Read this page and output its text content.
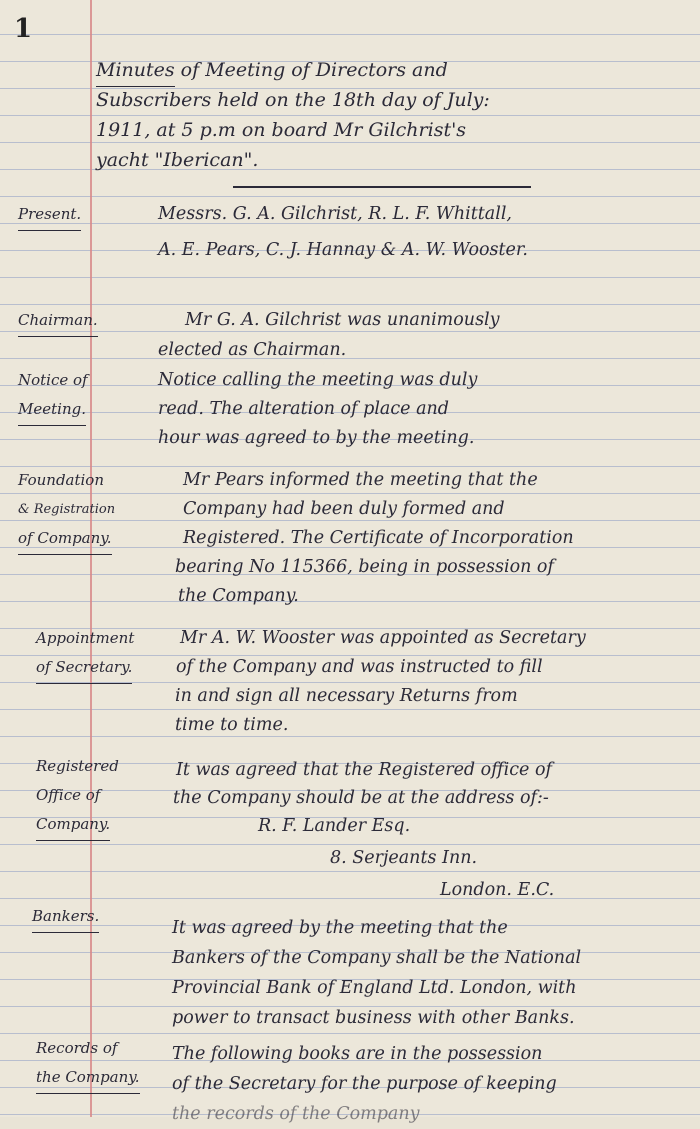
1
Minutes of Meeting of Directors and
Subscribers held on the 18th day of July:
1911, at 5 p.m on board Mr Gilchrist's
yacht "Iberican".
Present.	Messrs. G. A. Gilchrist, R. L. F. Whittall,
A. E. Pears, C. J. Hannay & A. W. Wooster.
Chairman.	Mr G. A. Gilchrist was unanimously
elected as Chairman.
Notice of
Meeting.
Notice calling the meeting was duly
read. The alteration of place and
hour was agreed to by the meeting.
Foundation
& Registration
of Company.
Mr Pears informed the meeting that the
Company had been duly formed and
Registered. The Certificate of Incorporation
bearing No 115366, being in possession of
the Company.
Appointment
of Secretary.
Mr A. W. Wooster was appointed as Secretary
of the Company and was instructed to fill
in and sign all necessary Returns from
time to time.
Registered
Office of
Company.
It was agreed that the Registered office of
the Company should be at the address of:-
R. F. Lander Esq.
8. Serjeants Inn.
London. E.C.
Bankers.
It was agreed by the meeting that the
Bankers of the Company shall be the National
Provincial Bank of England Ltd. London, with
power to transact business with other Banks.
Records of
the Company.
The following books are in the possession
of the Secretary for the purpose of keeping
the records of the Company
